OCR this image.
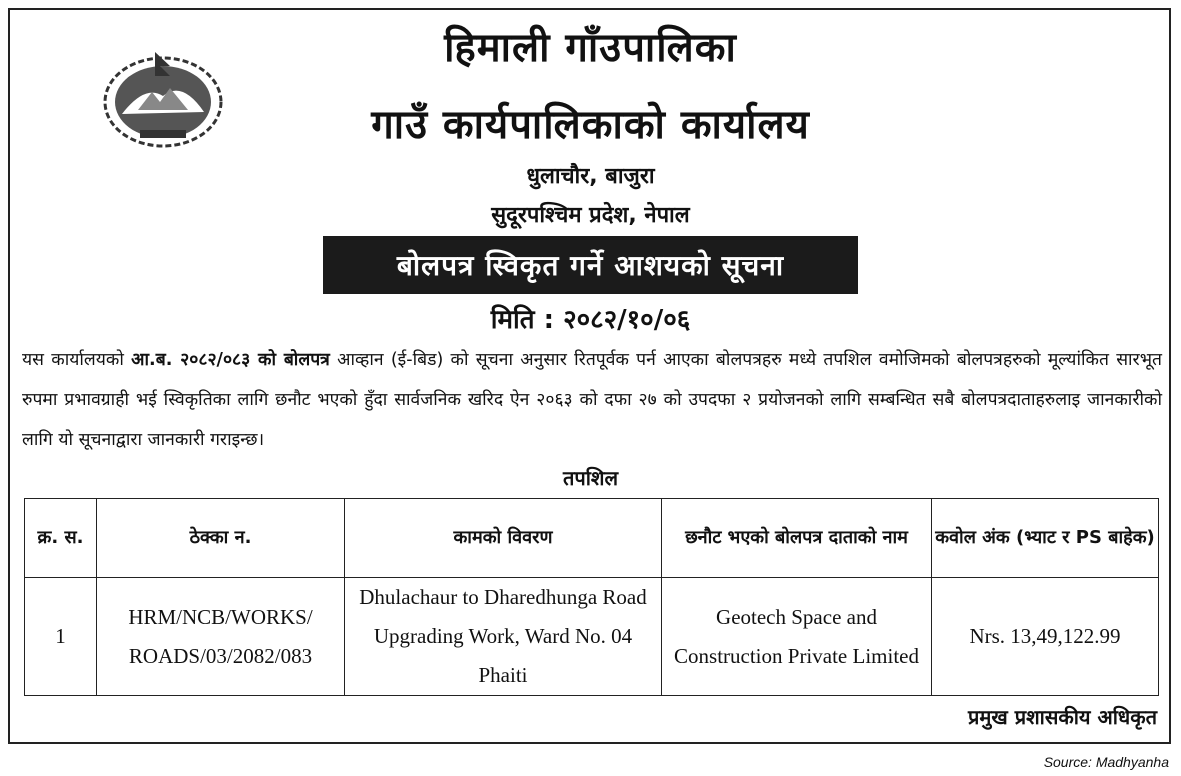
हिमाली गाँउपालिका
गाउँ कार्यपालिकाको कार्यालय
धुलाचौर, बाजुरा
सुदूरपश्चिम प्रदेश, नेपाल
बोलपत्र स्विकृत गर्ने आशयको सूचना
मिति : २०८२/१०/०६
यस कार्यालयको आ.ब. २०८२/०८३ को बोलपत्र आव्हान (ई-बिड) को सूचना अनुसार रितपूर्वक पर्न आएका बोलपत्रहरु मध्ये तपशिल वमोजिमको बोलपत्रहरुको मूल्यांकित सारभूत रुपमा प्रभावग्राही भई स्विकृतिका लागि छनौट भएको हुँदा सार्वजनिक खरिद ऐन २०६३ को दफा २७ को उपदफा २ प्रयोजनको लागि सम्बन्धित सबै बोलपत्रदाताहरुलाइ जानकारीको लागि यो सूचनाद्वारा जानकारी गराइन्छ।
तपशिल
क्र. स.	ठेक्का न.	कामको विवरण	छनौट भएको बोलपत्र दाताको नाम	कवोल अंक (भ्याट र PS बाहेक)
1	HRM/NCB/WORKS/ ROADS/03/2082/083	Dhulachaur to Dharedhunga Road Upgrading Work, Ward No. 04 Phaiti	Geotech Space and Construction Private Limited	Nrs. 13,49,122.99
प्रमुख प्रशासकीय अधिकृत
Source: Madhyanha
